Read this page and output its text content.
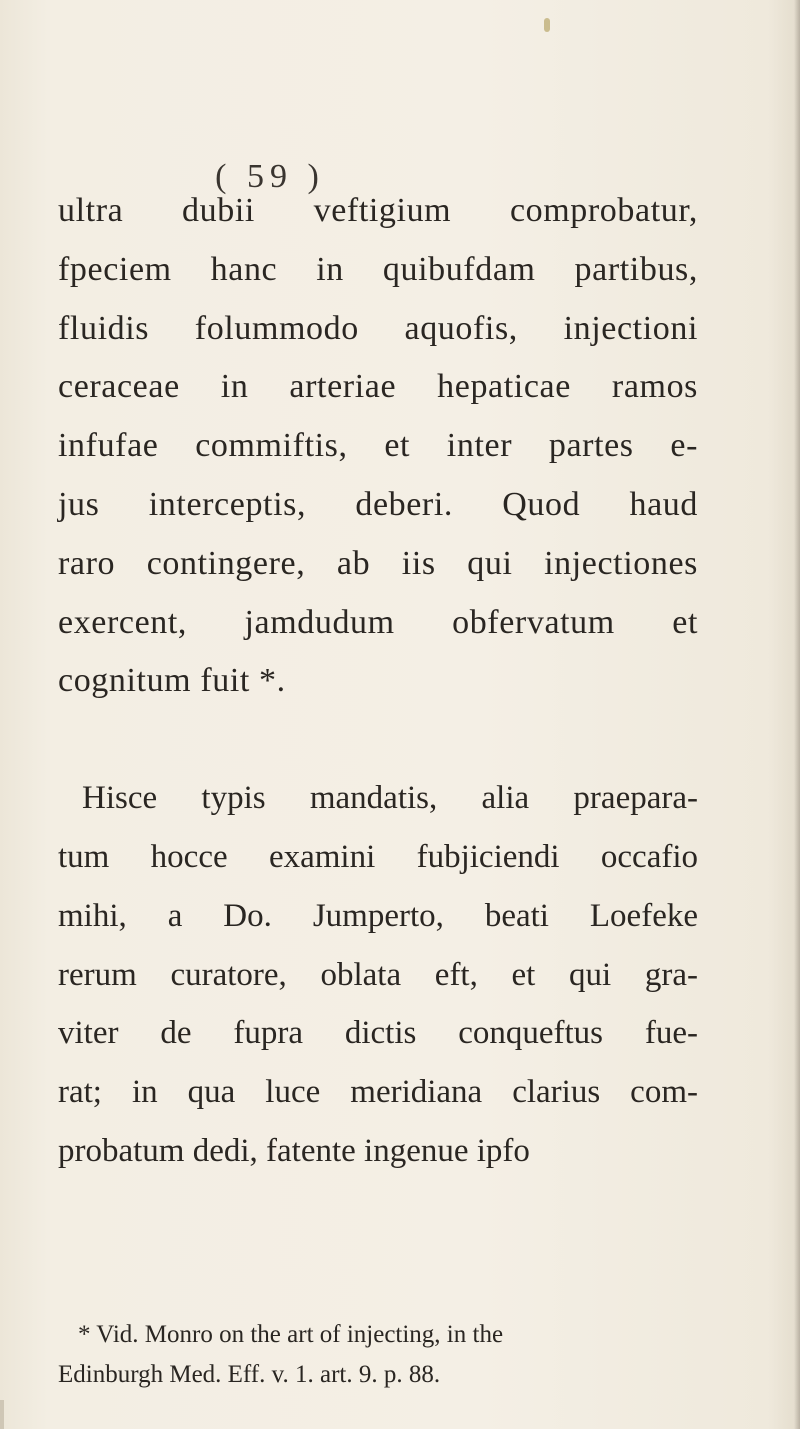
( 59 )
ultra dubii veftigium comprobatur,
fpeciem hanc in quibufdam partibus,
fluidis folummodo aquofis, injectioni
ceraceae in arteriae hepaticae ramos
infufae commiftis, et inter partes e-
jus interceptis, deberi. Quod haud
raro contingere, ab iis qui injectiones
exercent, jamdudum obfervatum et
cognitum fuit *.
Hisce typis mandatis, alia praepara-
tum hocce examini fubjiciendi occafio
mihi, a Do. Jumperto, beati Loefeke
rerum curatore, oblata eft, et qui gra-
viter de fupra dictis conqueftus fue-
rat; in qua luce meridiana clarius com-
probatum dedi, fatente ingenue ipfo
* Vid. Monro on the art of injecting, in the
Edinburgh Med. Eff. v. 1. art. 9. p. 88.
